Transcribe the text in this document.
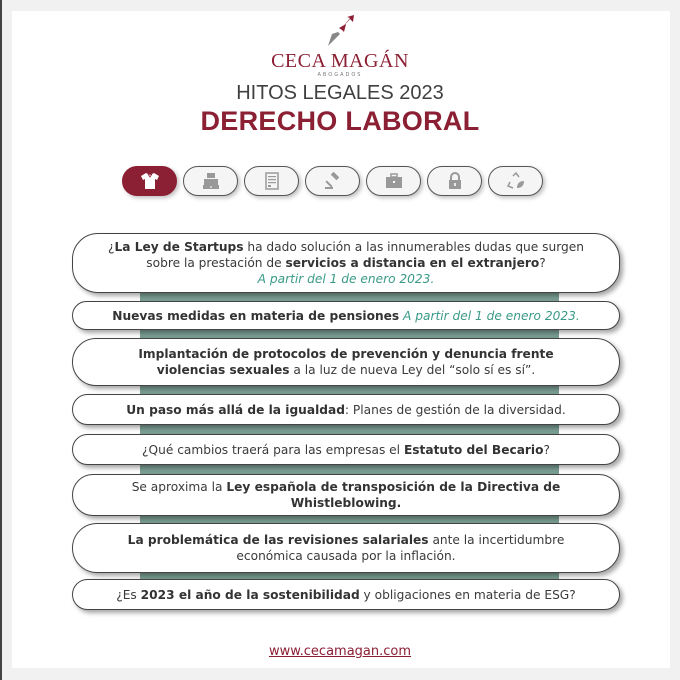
CECA MAGÁN
ABOGADOS
HITOS LEGALES 2023
DERECHO LABORAL
¿La Ley de Startups ha dado solución a las innumerables dudas que surgen sobre la prestación de servicios a distancia en el extranjero?
A partir del 1 de enero 2023.
Nuevas medidas en materia de pensiones A partir del 1 de enero 2023.
Implantación de protocolos de prevención y denuncia frente violencias sexuales a la luz de nueva Ley del “solo sí es sí”.
Un paso más allá de la igualdad: Planes de gestión de la diversidad.
¿Qué cambios traerá para las empresas el Estatuto del Becario?
Se aproxima la Ley española de transposición de la Directiva de Whistleblowing.
La problemática de las revisiones salariales ante la incertidumbre económica causada por la inflación.
¿Es 2023 el año de la sostenibilidad y obligaciones en materia de ESG?
www.cecamagan.com
